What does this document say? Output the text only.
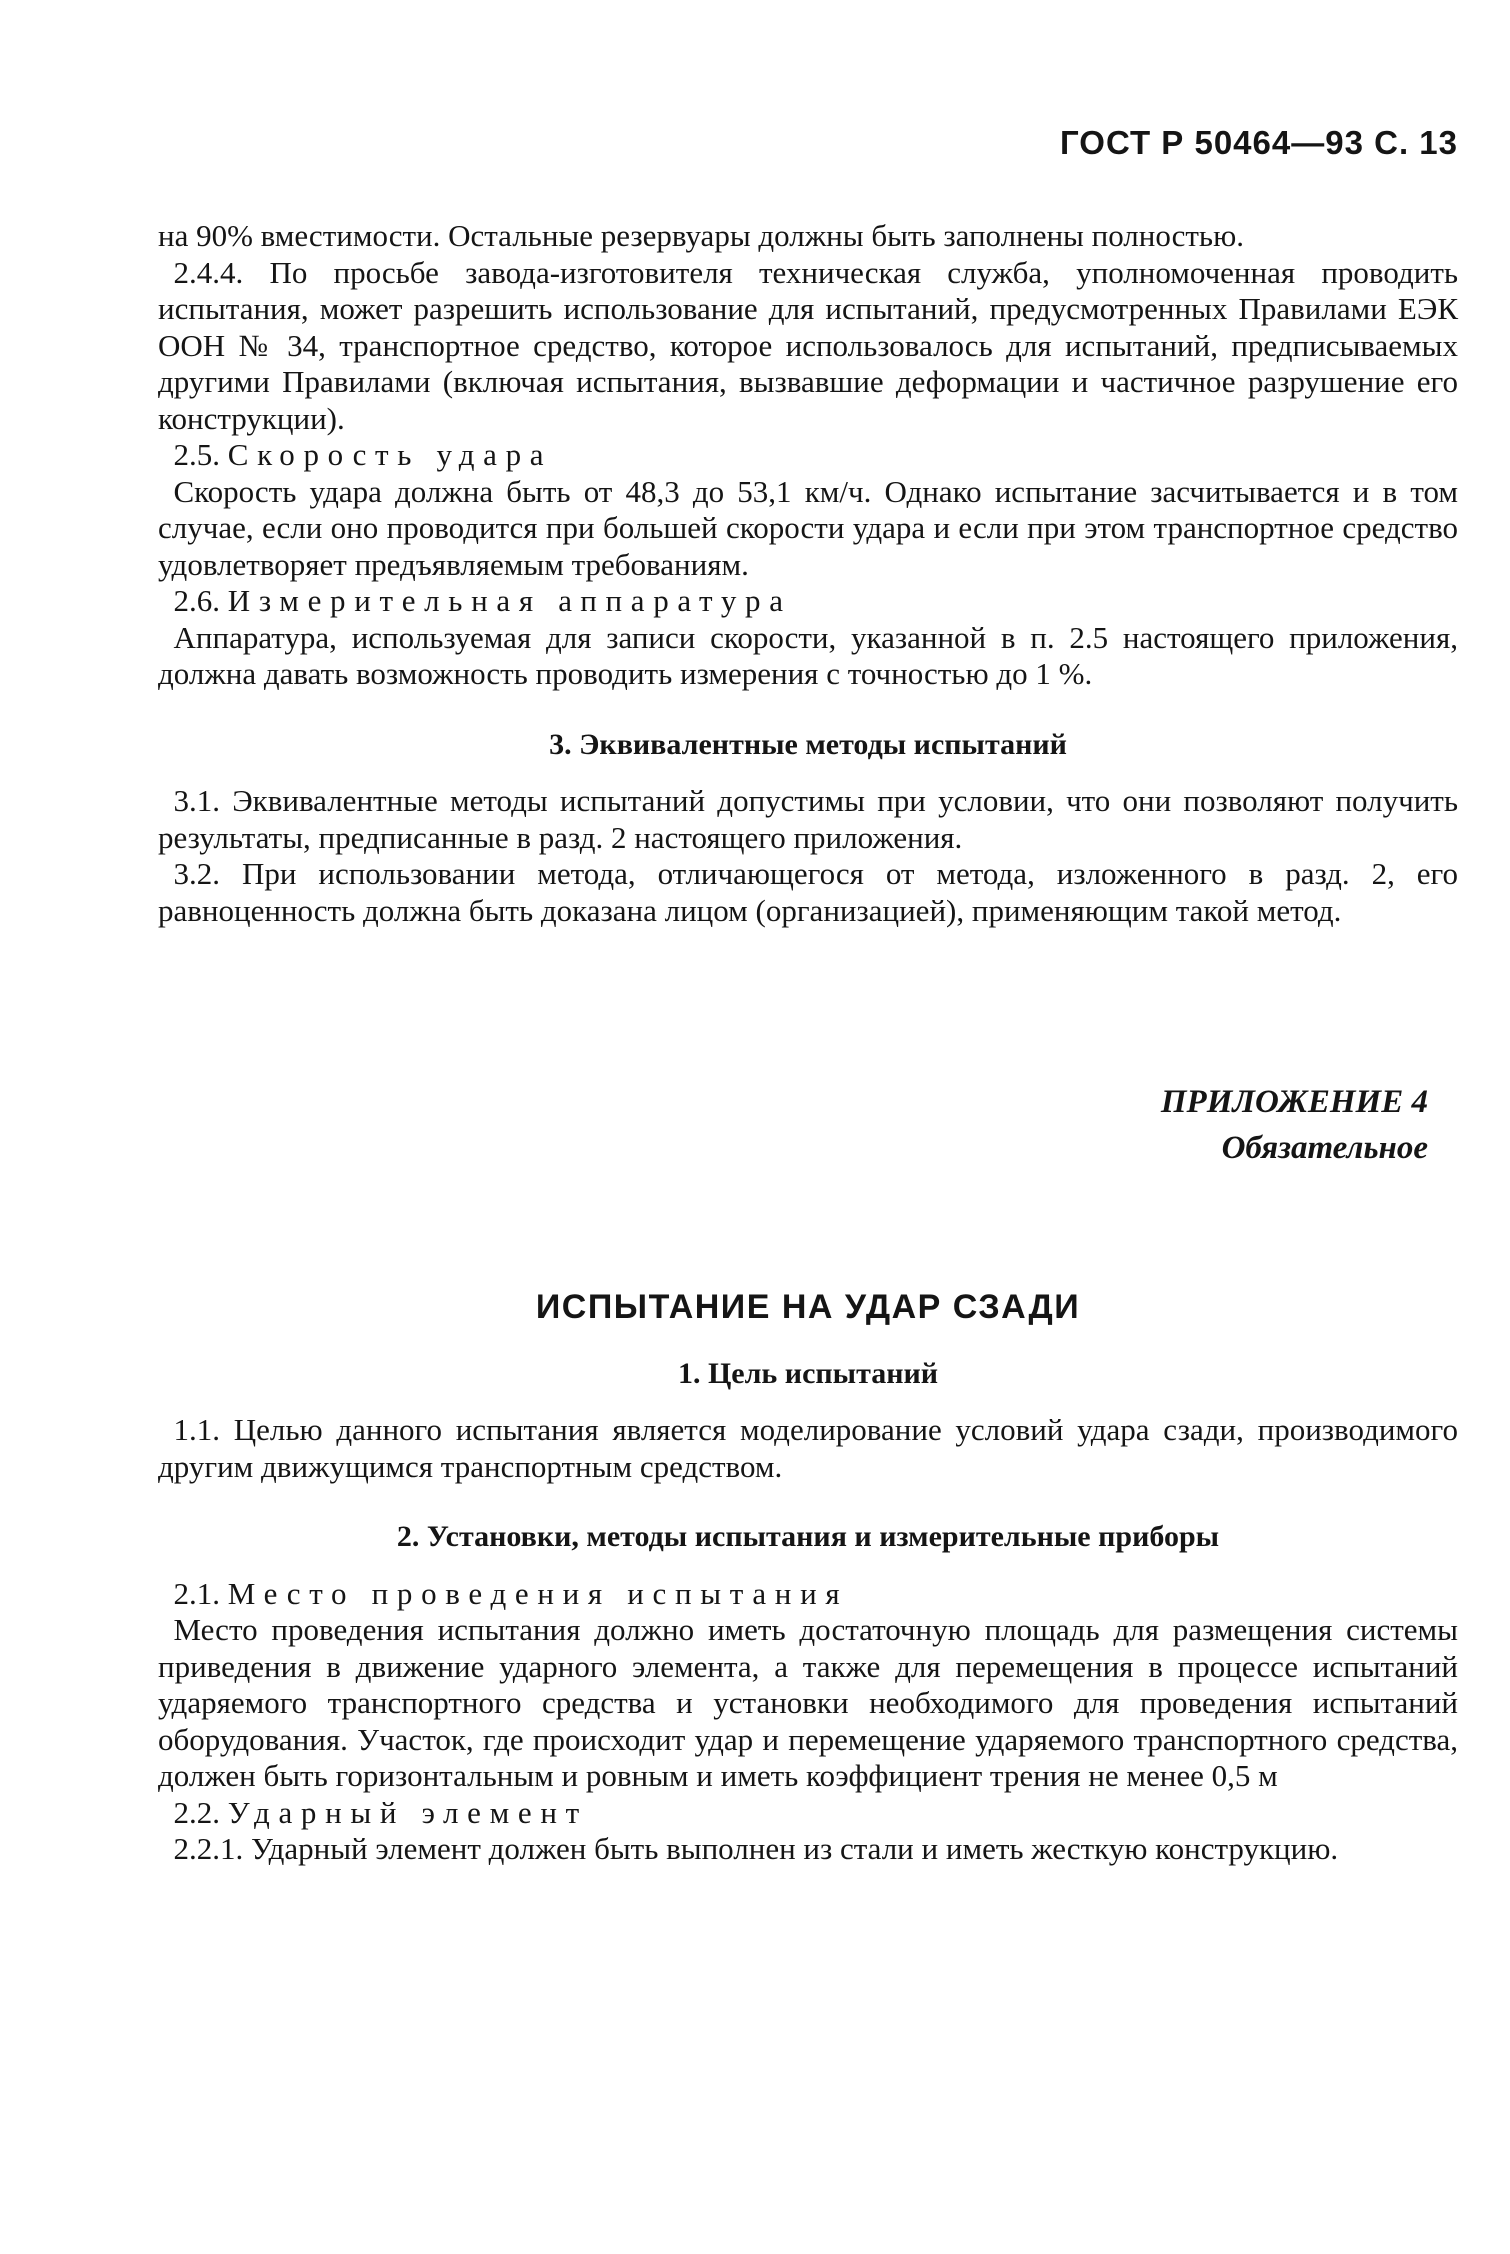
ГОСТ Р 50464—93 С. 13

на 90% вместимости. Остальные резервуары должны быть заполнены полностью.

2.4.4. По просьбе завода-изготовителя техническая служба, уполномоченная проводить испытания, может разрешить использование для испытаний, предусмотренных Правилами ЕЭК ООН № 34, транспортное средство, которое использовалось для испытаний, предписываемых другими Правилами (включая испытания, вызвавшие деформации и частичное разрушение его конструкции).

2.5. Скорость удара

Скорость удара должна быть от 48,3 до 53,1 км/ч. Однако испытание засчитывается и в том случае, если оно проводится при большей скорости удара и если при этом транспортное средство удовлетворяет предъявляемым требованиям.

2.6. Измерительная аппаратура

Аппаратура, используемая для записи скорости, указанной в п. 2.5 настоящего приложения, должна давать возможность проводить измерения с точностью до 1 %.

3. Эквивалентные методы испытаний

3.1. Эквивалентные методы испытаний допустимы при условии, что они позволяют получить результаты, предписанные в разд. 2 настоящего приложения.

3.2. При использовании метода, отличающегося от метода, изложенного в разд. 2, его равноценность должна быть доказана лицом (организацией), применяющим такой метод.

ПРИЛОЖЕНИЕ 4

Обязательное

ИСПЫТАНИЕ НА УДАР СЗАДИ
1. Цель испытаний

1.1. Целью данного испытания является моделирование условий удара сзади, производимого другим движущимся транспортным средством.

2. Установки, методы испытания и измерительные приборы

2.1. Место проведения испытания

Место проведения испытания должно иметь достаточную площадь для размещения системы приведения в движение ударного элемента, а также для перемещения в процессе испытаний ударяемого транспортного средства и установки необходимого для проведения испытаний оборудования. Участок, где происходит удар и перемещение ударяемого транспортного средства, должен быть горизонтальным и ровным и иметь коэффициент трения не менее 0,5 м

2.2. Ударный элемент

2.2.1. Ударный элемент должен быть выполнен из стали и иметь жесткую конструкцию.
